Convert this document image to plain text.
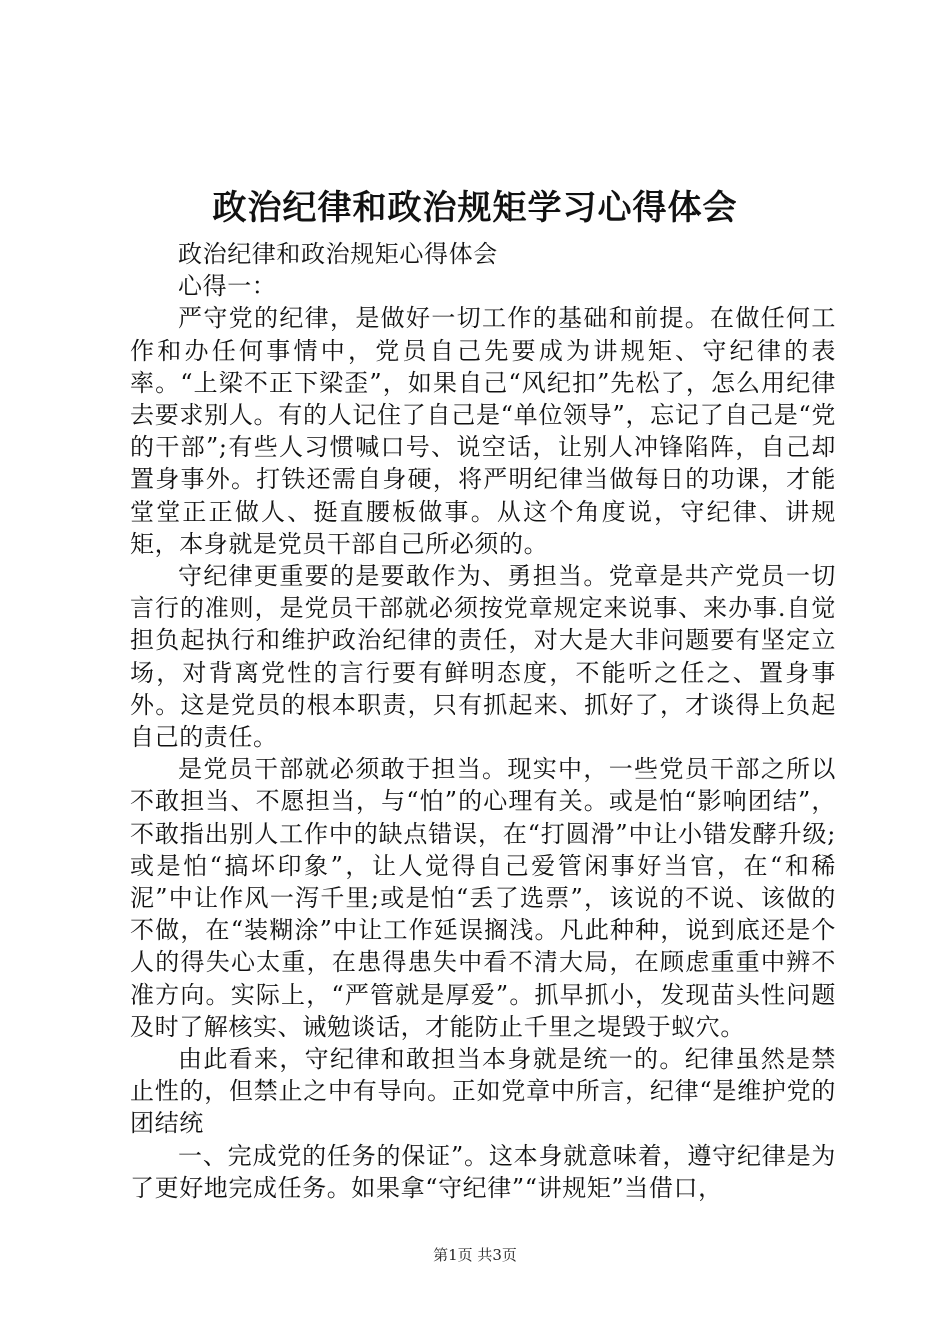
政治纪律和政治规矩学习心得体会

政治纪律和政治规矩心得体会

心得一：

严守党的纪律，是做好一切工作的基础和前提。在做任何工作和办任何事情中，党员自己先要成为讲规矩、守纪律的表率。“上梁不正下梁歪”，如果自己“风纪扣”先松了，怎么用纪律去要求别人。有的人记住了自己是“单位领导”，忘记了自己是“党的干部”;有些人习惯喊口号、说空话，让别人冲锋陷阵，自己却置身事外。打铁还需自身硬，将严明纪律当做每日的功课，才能堂堂正正做人、挺直腰板做事。从这个角度说，守纪律、讲规矩，本身就是党员干部自己所必须的。

守纪律更重要的是要敢作为、勇担当。党章是共产党员一切言行的准则，是党员干部就必须按党章规定来说事、来办事.自觉担负起执行和维护政治纪律的责任，对大是大非问题要有坚定立场，对背离党性的言行要有鲜明态度，不能听之任之、置身事外。这是党员的根本职责，只有抓起来、抓好了，才谈得上负起自己的责任。

是党员干部就必须敢于担当。现实中，一些党员干部之所以不敢担当、不愿担当，与“怕”的心理有关。或是怕“影响团结”，不敢指出别人工作中的缺点错误，在“打圆滑”中让小错发酵升级;或是怕“搞坏印象”，让人觉得自己爱管闲事好当官，在“和稀泥”中让作风一泻千里;或是怕“丢了选票”，该说的不说、该做的不做，在“装糊涂”中让工作延误搁浅。凡此种种，说到底还是个人的得失心太重，在患得患失中看不清大局，在顾虑重重中辨不准方向。实际上，“严管就是厚爱”。抓早抓小，发现苗头性问题及时了解核实、诫勉谈话，才能防止千里之堤毁于蚁穴。

由此看来，守纪律和敢担当本身就是统一的。纪律虽然是禁止性的，但禁止之中有导向。正如党章中所言，纪律“是维护党的团结统

一、完成党的任务的保证”。这本身就意味着，遵守纪律是为了更好地完成任务。如果拿“守纪律”“讲规矩”当借口，

第1页 共3页
